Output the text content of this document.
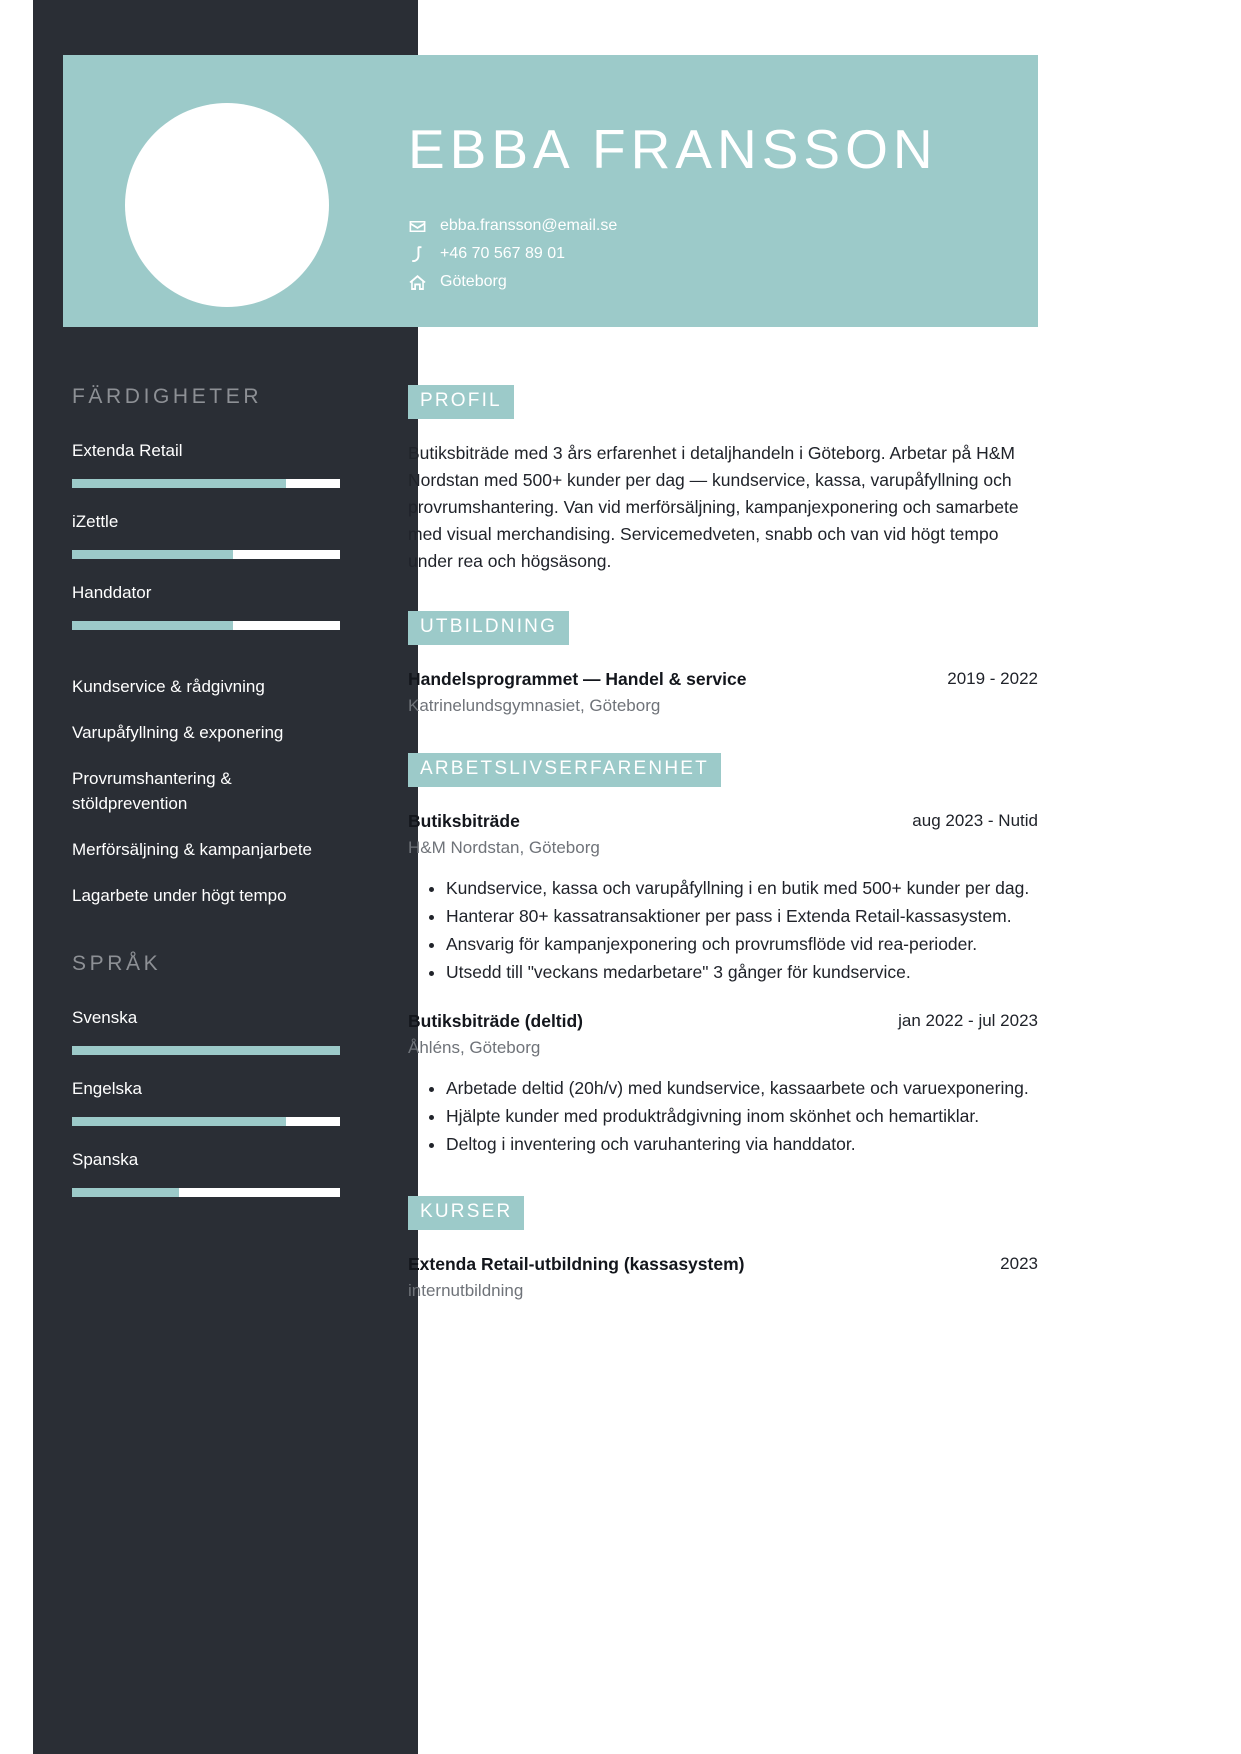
EBBA FRANSSON
ebba.fransson@email.se
+46 70 567 89 01
Göteborg
FÄRDIGHETER
Extenda Retail
iZettle
Handdator
Kundservice & rådgivning
Varupåfyllning & exponering
Provrumshantering & stöldprevention
Merförsäljning & kampanjarbete
Lagarbete under högt tempo
SPRÅK
Svenska
Engelska
Spanska
PROFIL
Butiksbiträde med 3 års erfarenhet i detaljhandeln i Göteborg. Arbetar på H&M Nordstan med 500+ kunder per dag — kundservice, kassa, varupåfyllning och provrumshantering. Van vid merförsäljning, kampanjexponering och samarbete med visual merchandising. Servicemedveten, snabb och van vid högt tempo under rea och högsäsong.
UTBILDNING
Handelsprogrammet — Handel & service	2019 - 2022
Katrinelundsgymnasiet, Göteborg
ARBETSLIVSERFARENHET
Butiksbiträde	aug 2023 - Nutid
H&M Nordstan, Göteborg
• Kundservice, kassa och varupåfyllning i en butik med 500+ kunder per dag.
• Hanterar 80+ kassatransaktioner per pass i Extenda Retail-kassasystem.
• Ansvarig för kampanjexponering och provrumsflöde vid rea-perioder.
• Utsedd till "veckans medarbetare" 3 gånger för kundservice.
Butiksbiträde (deltid)	jan 2022 - jul 2023
Åhléns, Göteborg
• Arbetade deltid (20h/v) med kundservice, kassaarbete och varuexponering.
• Hjälpte kunder med produktrådgivning inom skönhet och hemartiklar.
• Deltog i inventering och varuhantering via handdator.
KURSER
Extenda Retail-utbildning (kassasystem)	2023
internutbildning
